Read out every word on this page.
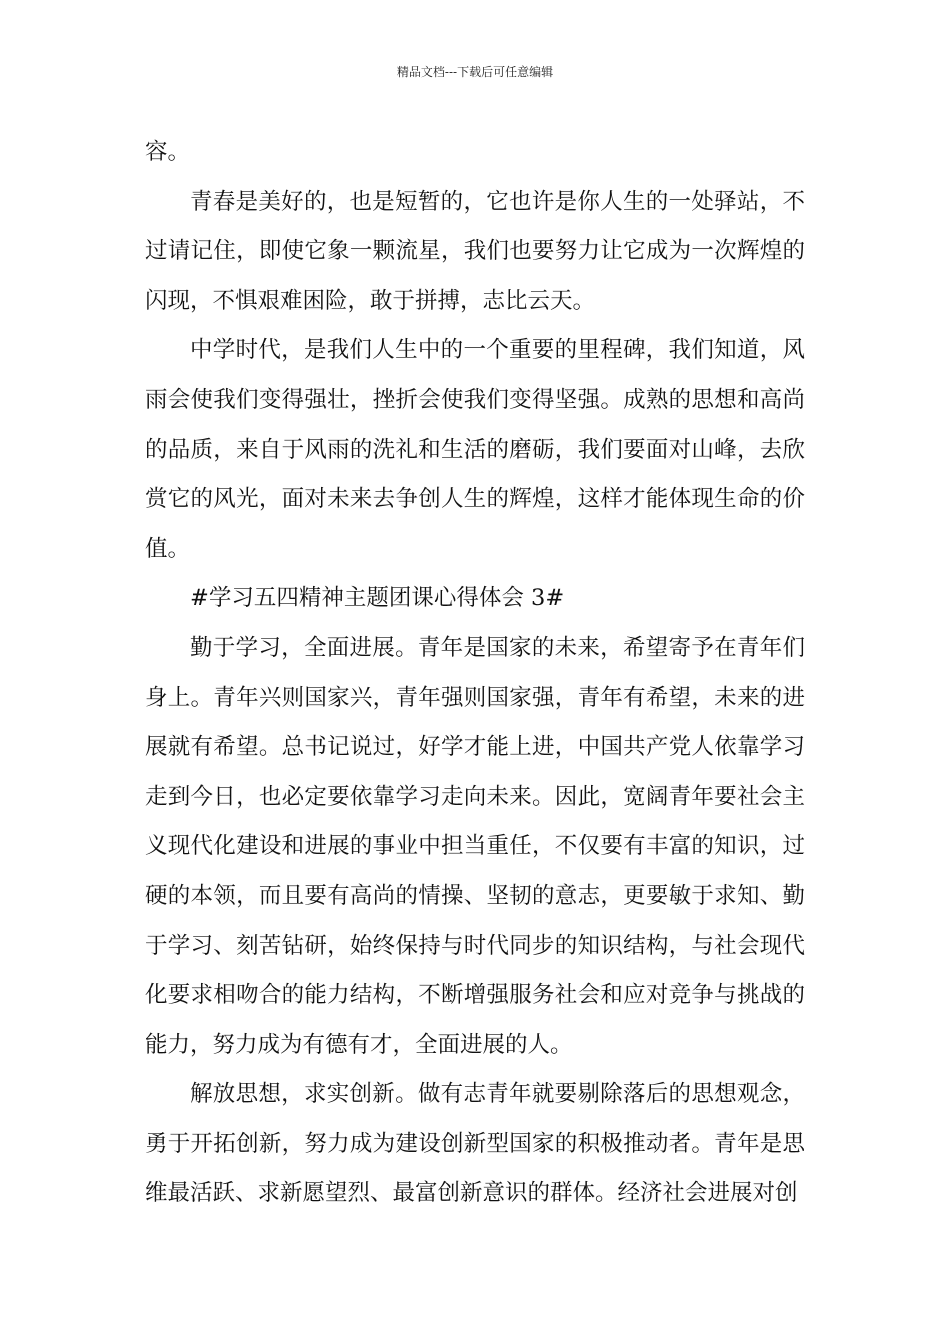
精品文档---下载后可任意编辑

容。

青春是美好的，也是短暂的，它也许是你人生的一处驿站，不过请记住，即使它象一颗流星，我们也要努力让它成为一次辉煌的闪现，不惧艰难困险，敢于拼搏，志比云天。

中学时代，是我们人生中的一个重要的里程碑，我们知道，风雨会使我们变得强壮，挫折会使我们变得坚强。成熟的思想和高尚的品质，来自于风雨的洗礼和生活的磨砺，我们要面对山峰，去欣赏它的风光，面对未来去争创人生的辉煌，这样才能体现生命的价值。

#学习五四精神主题团课心得体会 3#

勤于学习，全面进展。青年是国家的未来，希望寄予在青年们身上。青年兴则国家兴，青年强则国家强，青年有希望，未来的进展就有希望。总书记说过，好学才能上进，中国共产党人依靠学习走到今日，也必定要依靠学习走向未来。因此，宽阔青年要社会主义现代化建设和进展的事业中担当重任，不仅要有丰富的知识，过硬的本领，而且要有高尚的情操、坚韧的意志，更要敏于求知、勤于学习、刻苦钻研，始终保持与时代同步的知识结构，与社会现代化要求相吻合的能力结构，不断增强服务社会和应对竞争与挑战的能力，努力成为有德有才，全面进展的人。

解放思想，求实创新。做有志青年就要剔除落后的思想观念，勇于开拓创新，努力成为建设创新型国家的积极推动者。青年是思维最活跃、求新愿望烈、最富创新意识的群体。经济社会进展对创
